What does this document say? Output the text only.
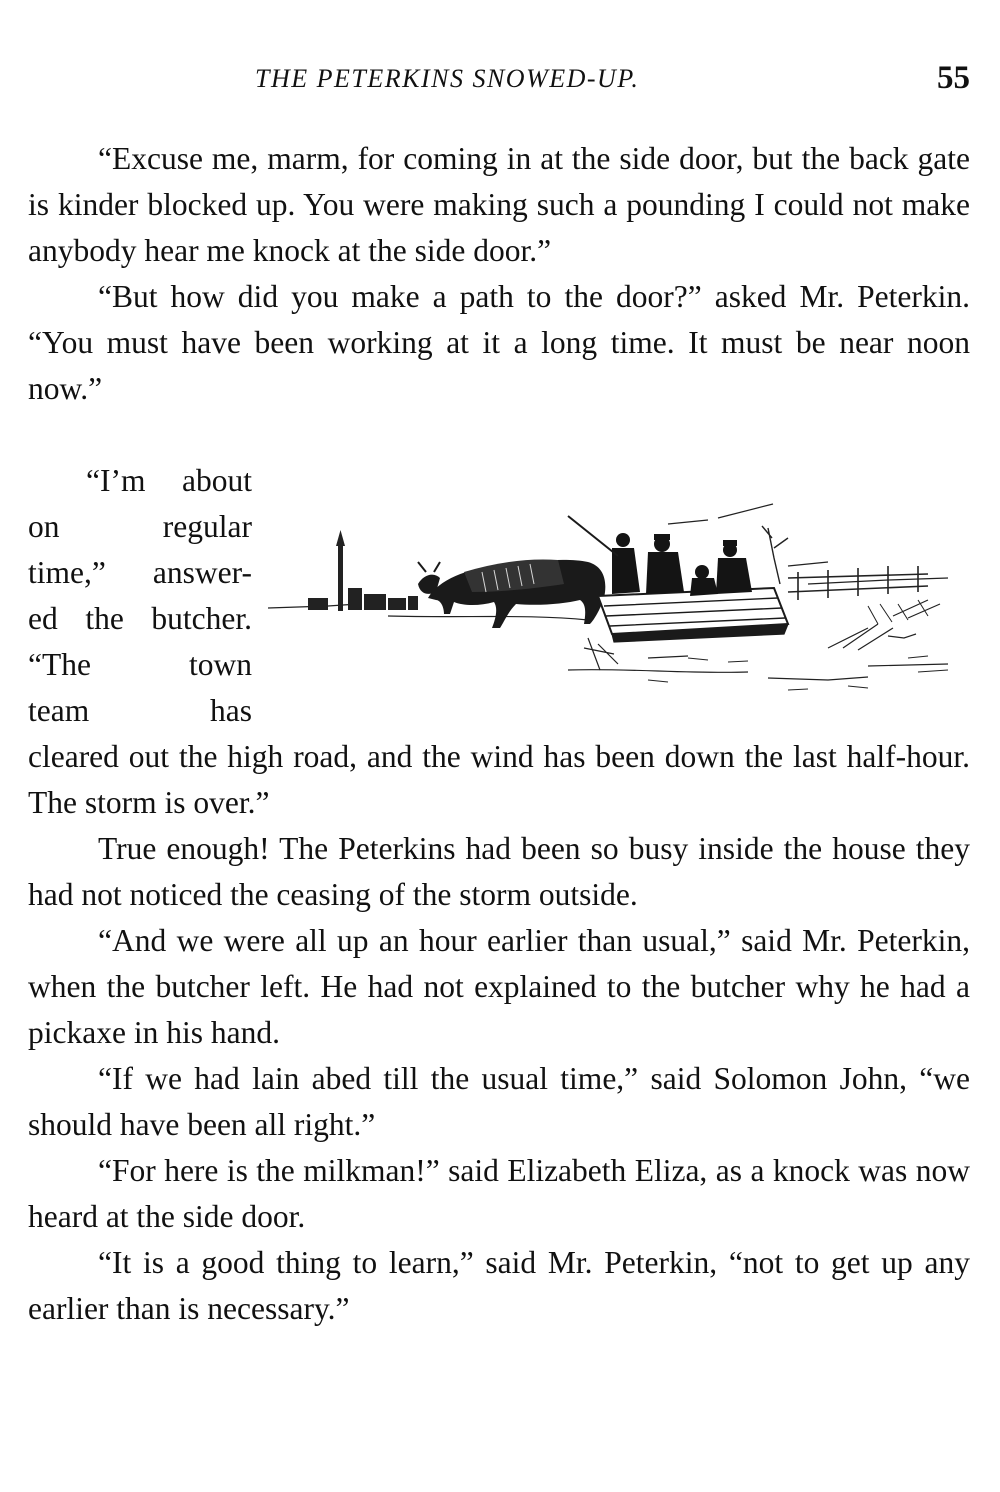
THE PETERKINS SNOWED-UP.	55

“Excuse me, marm, for coming in at the side door, but the back gate is kinder blocked up. You were making such a pounding I could not make anybody hear me knock at the side door.”

“But how did you make a path to the door?” asked Mr. Peterkin. “You must have been working at it a long time. It must be near noon now.”

“I’m about
on regular
time,” answer-
ed the butcher.
“The town
team has

cleared out the high road, and the wind has been down the last half-hour. The storm is over.”

True enough! The Peterkins had been so busy inside the house they had not noticed the ceasing of the storm outside.

“And we were all up an hour earlier than usual,” said Mr. Peterkin, when the butcher left. He had not explained to the butcher why he had a pickaxe in his hand.

“If we had lain abed till the usual time,” said Solomon John, “we should have been all right.”

“For here is the milkman!” said Elizabeth Eliza, as a knock was now heard at the side door.

“It is a good thing to learn,” said Mr. Peterkin, “not to get up any earlier than is necessary.”
